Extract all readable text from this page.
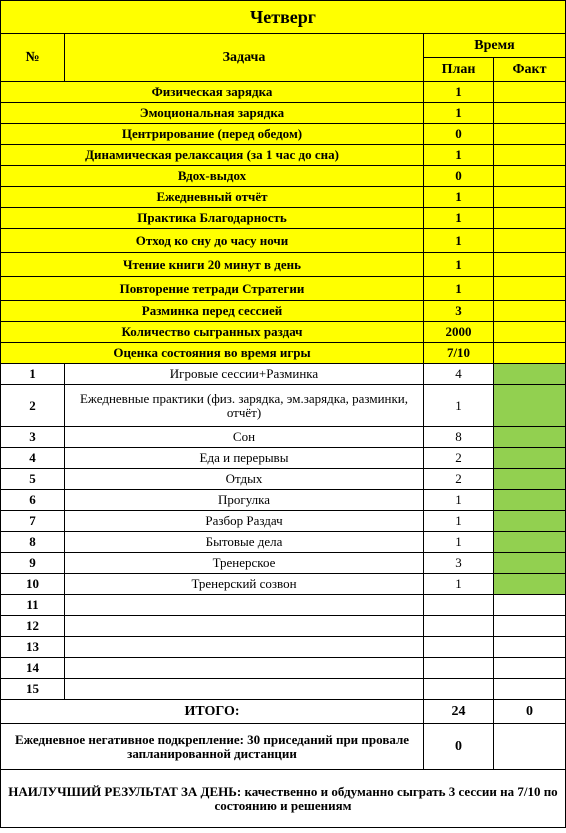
Четверг			
№	Задача	Время	
		План	Факт
Физическая зарядка		1	
Эмоциональная зарядка		1	
Центрирование (перед обедом)		0	
Динамическая релаксация (за 1 час до сна)		1	
Вдох-выдох		0	
Ежедневный отчёт		1	
Практика Благодарность		1	
Отход ко сну до часу ночи		1	
Чтение книги 20 минут в день		1	
Повторение тетради Стратегии		1	
Разминка перед сессией		3	
Количество сыгранных раздач		2000	
Оценка состояния во время игры		7/10	
1	Игровые сессии+Разминка	4	
2	Ежедневные практики (физ. зарядка, эм.зарядка, разминки, отчёт)	1	
3	Сон	8	
4	Еда и перерывы	2	
5	Отдых	2	
6	Прогулка	1	
7	Разбор Раздач	1	
8	Бытовые дела	1	
9	Тренерское	3	
10	Тренерский созвон	1	
11			
12			
13			
14			
15			
ИТОГО:		24	0
Ежедневное негативное подкрепление: 30 приседаний при провале запланированной дистанции		0	
НАИЛУЧШИЙ РЕЗУЛЬТАТ ЗА ДЕНЬ: качественно и обдуманно сыграть 3 сессии на 7/10 по состоянию и решениям			
